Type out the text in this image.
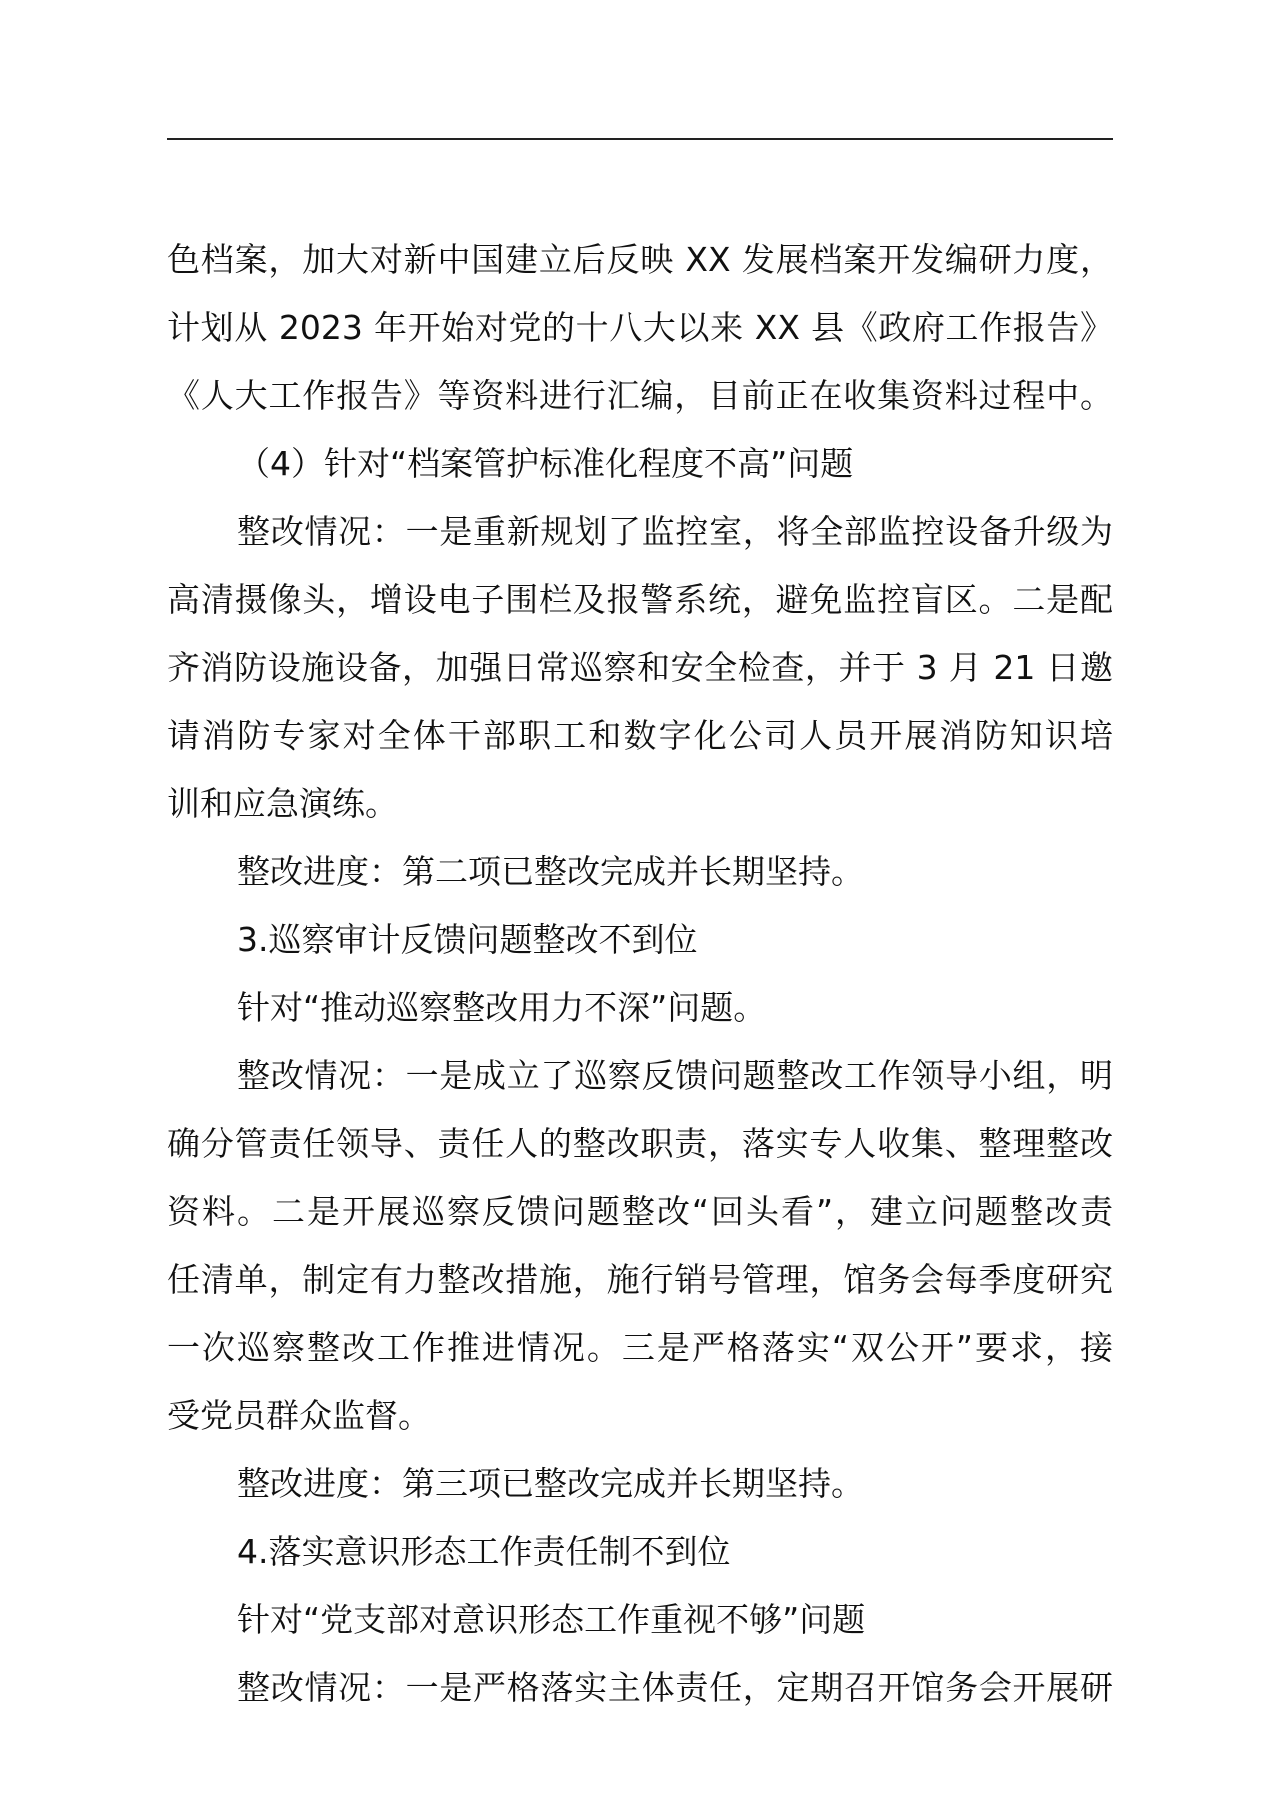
色档案，加大对新中国建立后反映 XX 发展档案开发编研力度，

计划从 2023 年开始对党的十八大以来 XX 县《政府工作报告》

《人大工作报告》等资料进行汇编，目前正在收集资料过程中。

（4）针对“档案管护标准化程度不高”问题

整改情况：一是重新规划了监控室，将全部监控设备升级为

高清摄像头，增设电子围栏及报警系统，避免监控盲区。二是配

齐消防设施设备，加强日常巡察和安全检查，并于 3 月 21 日邀

请消防专家对全体干部职工和数字化公司人员开展消防知识培

训和应急演练。

整改进度：第二项已整改完成并长期坚持。

3.巡察审计反馈问题整改不到位

针对“推动巡察整改用力不深”问题。

整改情况：一是成立了巡察反馈问题整改工作领导小组，明

确分管责任领导、责任人的整改职责，落实专人收集、整理整改

资料。二是开展巡察反馈问题整改“回头看”，建立问题整改责

任清单，制定有力整改措施，施行销号管理，馆务会每季度研究

一次巡察整改工作推进情况。三是严格落实“双公开”要求，接

受党员群众监督。

整改进度：第三项已整改完成并长期坚持。

4.落实意识形态工作责任制不到位

针对“党支部对意识形态工作重视不够”问题

整改情况：一是严格落实主体责任，定期召开馆务会开展研
